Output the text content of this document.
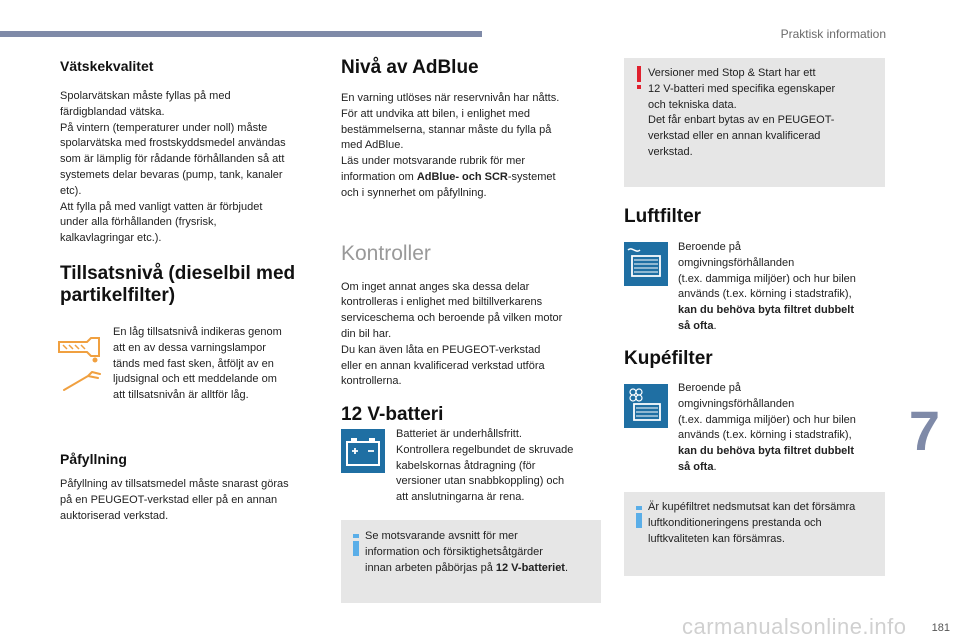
Praktisk information
Vätskekvalitet

Spolarvätskan måste fyllas på med
färdigblandad vätska.
På vintern (temperaturer under noll) måste
spolarvätska med frostskyddsmedel användas
som är lämplig för rådande förhållanden så att
systemets delar bevaras (pump, tank, kanaler
etc).
Att fylla på med vanligt vatten är förbjudet
under alla förhållanden (frysrisk,
kalkavlagringar etc.).

Tillsatsnivå (dieselbil med partikelfilter)

En låg tillsatsnivå indikeras genom
att en av dessa varningslampor
tänds med fast sken, åtföljt av en
ljudsignal och ett meddelande om
att tillsatsnivån är alltför låg.

Påfyllning

Påfyllning av tillsatsmedel måste snarast göras
på en PEUGEOT-verkstad eller på en annan
auktoriserad verkstad.

Nivå av AdBlue

En varning utlöses när reservnivån har nåtts.
För att undvika att bilen, i enlighet med
bestämmelserna, stannar måste du fylla på
med AdBlue.
Läs under motsvarande rubrik för mer
information om AdBlue- och SCR-systemet
och i synnerhet om påfyllning.

Kontroller

Om inget annat anges ska dessa delar
kontrolleras i enlighet med biltillverkarens
serviceschema och beroende på vilken motor
din bil har.
Du kan även låta en PEUGEOT-verkstad
eller en annan kvalificerad verkstad utföra
kontrollerna.

12 V-batteri

Batteriet är underhållsfritt.
Kontrollera regelbundet de skruvade
kabelskornas åtdragning (för
versioner utan snabbkoppling) och
att anslutningarna är rena.

Se motsvarande avsnitt för mer
information och försiktighetsåtgärder
innan arbeten påbörjas på 12 V-batteriet.

Versioner med Stop & Start har ett
12 V-batteri med specifika egenskaper
och tekniska data.
Det får enbart bytas av en PEUGEOT-
verkstad eller en annan kvalificerad
verkstad.

Luftfilter

Beroende på
omgivningsförhållanden
(t.ex. dammiga miljöer) och hur bilen
används (t.ex. körning i stadstrafik),
kan du behöva byta filtret dubbelt
så ofta.

Kupéfilter

Beroende på
omgivningsförhållanden
(t.ex. dammiga miljöer) och hur bilen
används (t.ex. körning i stadstrafik),
kan du behöva byta filtret dubbelt
så ofta.

Är kupéfiltret nedsmutsat kan det försämra
luftkonditioneringens prestanda och
luftkvaliteten kan försämras.

7
181
carmanualsonline.info
